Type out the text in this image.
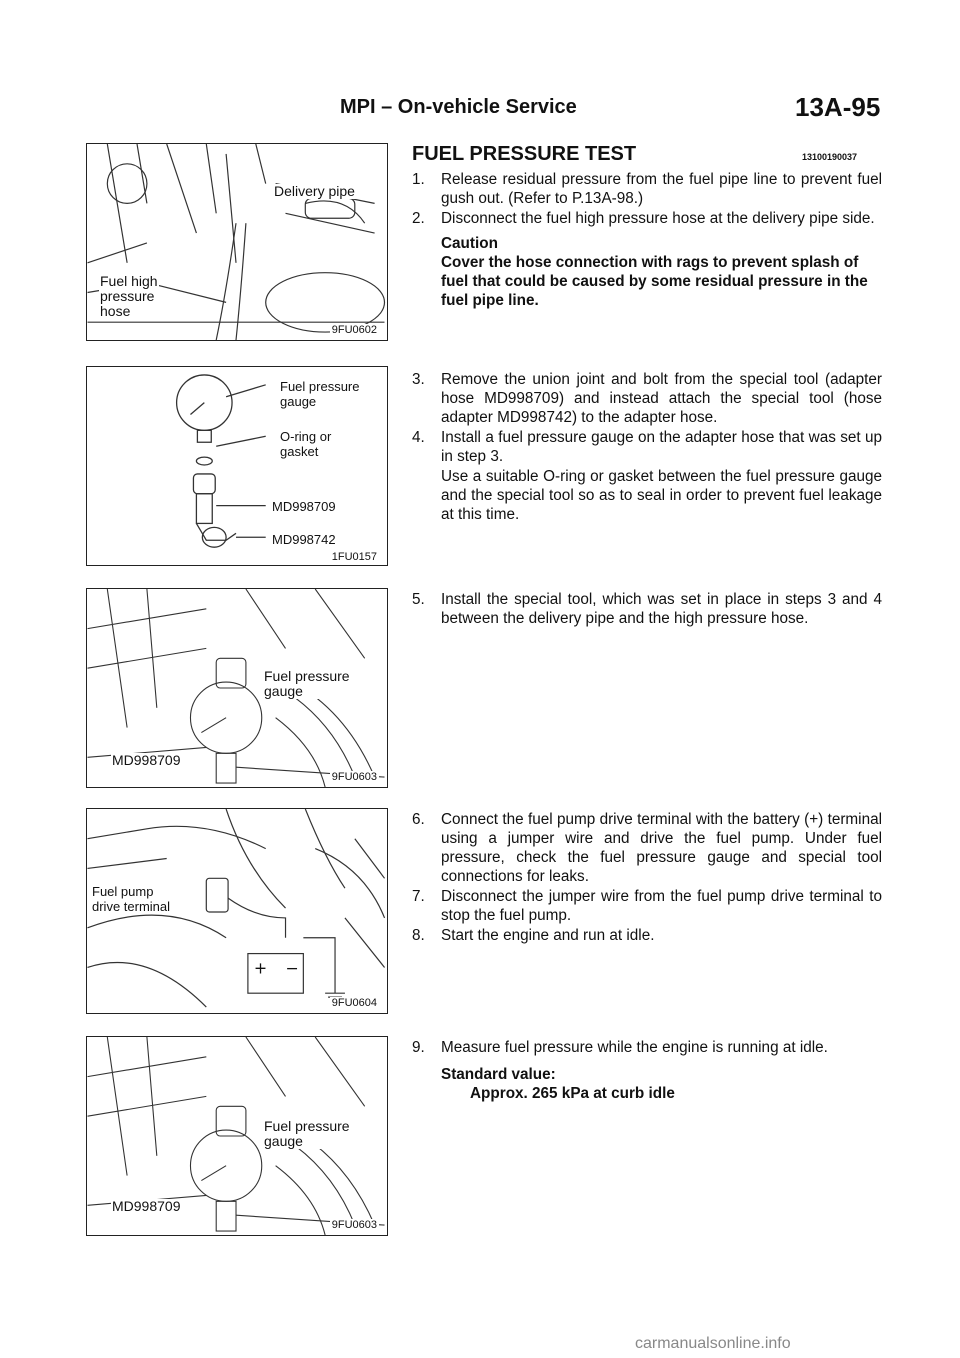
MPI – On-vehicle Service	13A-95
Delivery pipe
Fuel high
pressure
hose
9FU0602
Fuel pressure
gauge
O-ring or
gasket
MD998709
MD998742
1FU0157
Fuel pressure
gauge
MD998709
9FU0603
+ −
Fuel pump
drive terminal
9FU0604
Fuel pressure
gauge
MD998709
9FU0603
FUEL PRESSURE TEST	13100190037
1. Release residual pressure from the fuel pipe line to prevent fuel gush out. (Refer to P.13A-98.)
2. Disconnect the fuel high pressure hose at the delivery pipe side.
Caution
Cover the hose connection with rags to prevent splash of fuel that could be caused by some residual pressure in the fuel pipe line.
3. Remove the union joint and bolt from the special tool (adapter hose MD998709) and instead attach the special tool (hose adapter MD998742) to the adapter hose.
4. Install a fuel pressure gauge on the adapter hose that was set up in step 3.
Use a suitable O-ring or gasket between the fuel pressure gauge and the special tool so as to seal in order to prevent fuel leakage at this time.
5. Install the special tool, which was set in place in steps 3 and 4 between the delivery pipe and the high pressure hose.
6. Connect the fuel pump drive terminal with the battery (+) terminal using a jumper wire and drive the fuel pump. Under fuel pressure, check the fuel pressure gauge and special tool connections for leaks.
7. Disconnect the jumper wire from the fuel pump drive terminal to stop the fuel pump.
8. Start the engine and run at idle.
9. Measure fuel pressure while the engine is running at idle.
Standard value:
Approx. 265 kPa at curb idle
carmanualsonline.info
